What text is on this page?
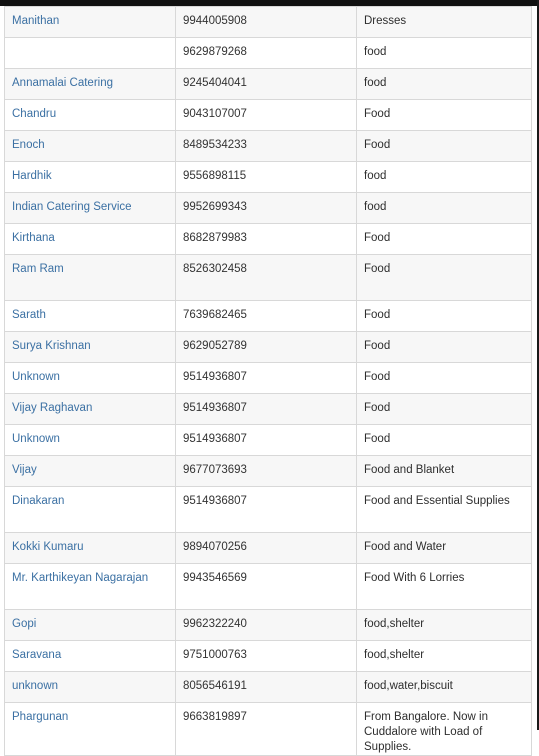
Manithan	9944005908	Dresses
	9629879268	food
Annamalai Catering	9245404041	food
Chandru	9043107007	Food
Enoch	8489534233	Food
Hardhik	9556898115	food
Indian Catering Service	9952699343	food
Kirthana	8682879983	Food
Ram Ram	8526302458	Food
Sarath	7639682465	Food
Surya Krishnan	9629052789	Food
Unknown	9514936807	Food
Vijay Raghavan	9514936807	Food
Unknown	9514936807	Food
Vijay	9677073693	Food and Blanket
Dinakaran	9514936807	Food and Essential Supplies
Kokki Kumaru	9894070256	Food and Water
Mr. Karthikeyan Nagarajan	9943546569	Food With 6 Lorries
Gopi	9962322240	food,shelter
Saravana	9751000763	food,shelter
unknown	8056546191	food,water,biscuit
Phargunan	9663819897	From Bangalore. Now in Cuddalore with Load of Supplies.
